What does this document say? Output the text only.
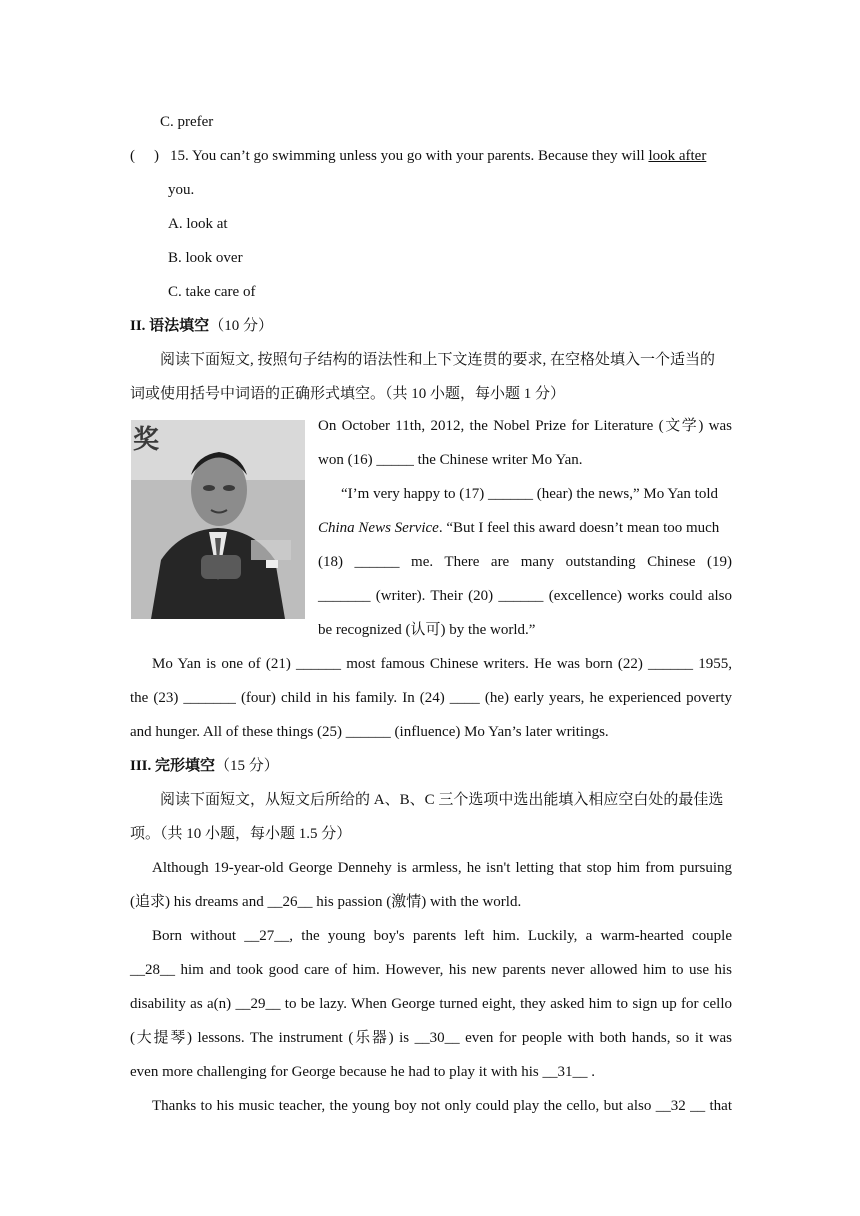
C. prefer
( ) 15. You can’t go swimming unless you go with your parents. Because they will look after
you.
A. look at
B. look over
C. take care of
II. 语法填空（10 分）
阅读下面短文, 按照句子结构的语法性和上下文连贯的要求, 在空格处填入一个适当的
词或使用括号中词语的正确形式填空。（共 10 小题，每小题 1 分）
奖	On October 11th, 2012, the Nobel Prize for Literature (文学) was
won (16) _____ the Chinese writer Mo Yan.
“I’m very happy to (17) ______ (hear) the news,” Mo Yan told
China News Service. “But I feel this award doesn’t mean too much
(18)  ______  me.  There  are  many  outstanding  Chinese  (19)
_______ (writer). Their (20) ______ (excellence) works could also
be recognized (认可) by the world.”
Mo Yan is one of (21) ______ most famous Chinese writers. He was born (22) ______ 1955,
the (23) _______ (four) child in his family. In (24) ____ (he) early years, he experienced poverty
and hunger. All of these things (25) ______ (influence) Mo Yan’s later writings.
III. 完形填空（15 分）
阅读下面短文，从短文后所给的 A、B、C 三个选项中选出能填入相应空白处的最佳选
项。（共 10 小题，每小题 1.5 分）
Although 19-year-old George Dennehy is armless, he isn't letting that stop him from pursuing
(追求) his dreams and __26__ his passion (激情) with the world.
Born without __27__, the young boy's parents left him. Luckily, a warm-hearted couple
__28__ him and took good care of him. However, his new parents never allowed him to use his
disability as a(n) __29__ to be lazy. When George turned eight, they asked him to sign up for cello
(大提琴) lessons. The instrument (乐器) is __30__ even for people with both hands, so it was
even more challenging for George because he had to play it with his __31__ .
Thanks to his music teacher, the young boy not only could play the cello, but also __32 __ that
